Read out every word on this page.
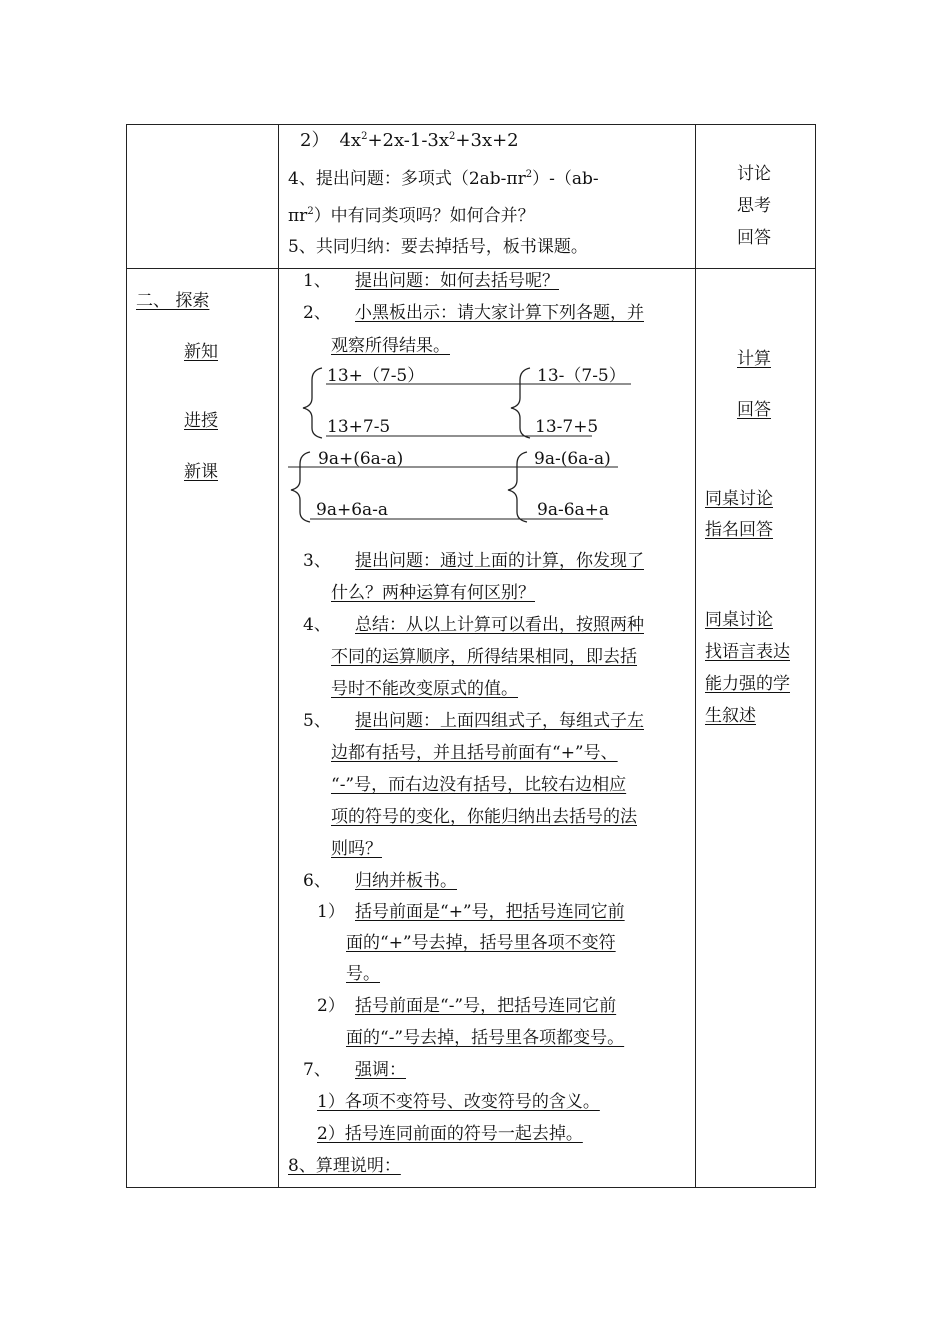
2） $4x^2+2x-1-3x^2+3x+2$
4、提出问题：多项式$(2ab-\pi r^2)-(ab-$
$\pi r^2$）中有同类项吗？如何合并？
5、共同归纳：要去掉括号，板书课题。
讨论
思考
回答
二、 探索
新知
进授
新课
1、 提出问题：如何去括号呢？
2、 小黑板出示：请大家计算下列各题，并
观察所得结果。
13+（7-5）
13+7-5
13-（7-5）
13-7+5
9a+(6a-a)
9a+6a-a
9a-(6a-a)
9a-6a+a
3、 提出问题：通过上面的计算，你发现了
什么？两种运算有何区别？
4、 总结：从以上计算可以看出，按照两种
不同的运算顺序，所得结果相同，即去括
号时不能改变原式的值。
5、 提出问题：上面四组式子，每组式子左
边都有括号，并且括号前面有“+”号、
“-”号，而右边没有括号，比较右边相应
项的符号的变化，你能归纳出去括号的法
则吗？
6、 归纳并板书。
1） 括号前面是“+”号，把括号连同它前
面的“+”号去掉，括号里各项不变符
号。
2） 括号前面是“-”号，把括号连同它前
面的“-”号去掉，括号里各项都变号。
7、 强调：
1）各项不变符号、改变符号的含义。
2）括号连同前面的符号一起去掉。
8、算理说明：
计算
回答
同桌讨论
指名回答
同桌讨论
找语言表达
能力强的学
生叙述
